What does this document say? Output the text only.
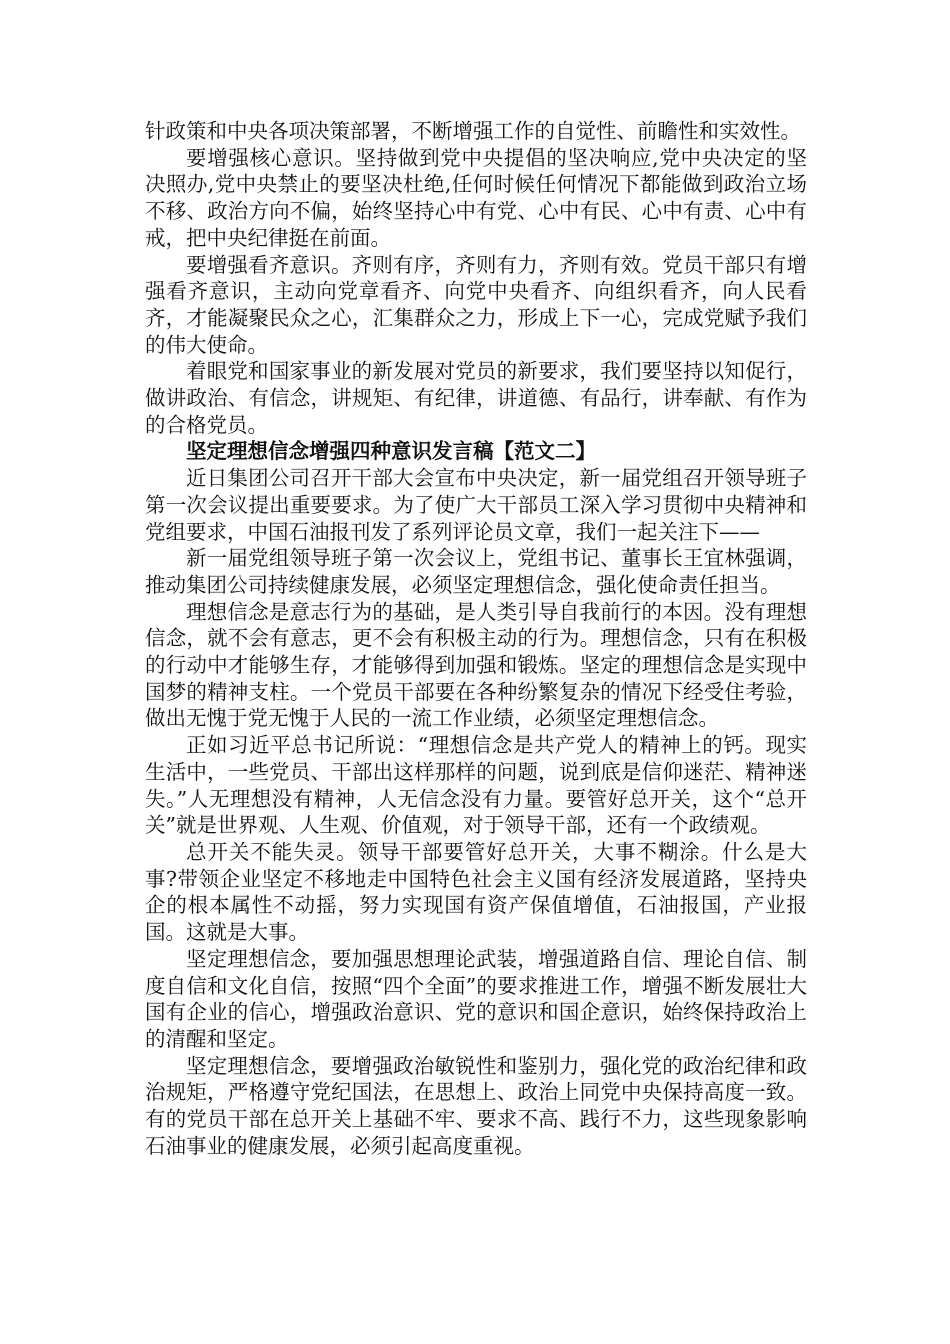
针政策和中央各项决策部署，不断增强工作的自觉性、前瞻性和实效性。

要增强核心意识。坚持做到党中央提倡的坚决响应,党中央决定的坚决照办,党中央禁止的要坚决杜绝,任何时候任何情况下都能做到政治立场不移、政治方向不偏，始终坚持心中有党、心中有民、心中有责、心中有戒，把中央纪律挺在前面。

要增强看齐意识。齐则有序，齐则有力，齐则有效。党员干部只有增强看齐意识，主动向党章看齐、向党中央看齐、向组织看齐，向人民看齐，才能凝聚民众之心，汇集群众之力，形成上下一心，完成党赋予我们的伟大使命。

着眼党和国家事业的新发展对党员的新要求，我们要坚持以知促行，做讲政治、有信念，讲规矩、有纪律，讲道德、有品行，讲奉献、有作为的合格党员。

坚定理想信念增强四种意识发言稿【范文二】

近日集团公司召开干部大会宣布中央决定，新一届党组召开领导班子第一次会议提出重要要求。为了使广大干部员工深入学习贯彻中央精神和党组要求，中国石油报刊发了系列评论员文章，我们一起关注下——

新一届党组领导班子第一次会议上，党组书记、董事长王宜林强调，推动集团公司持续健康发展，必须坚定理想信念，强化使命责任担当。

理想信念是意志行为的基础，是人类引导自我前行的本因。没有理想信念，就不会有意志，更不会有积极主动的行为。理想信念，只有在积极的行动中才能够生存，才能够得到加强和锻炼。坚定的理想信念是实现中国梦的精神支柱。一个党员干部要在各种纷繁复杂的情况下经受住考验，做出无愧于党无愧于人民的一流工作业绩，必须坚定理想信念。

正如习近平总书记所说：“理想信念是共产党人的精神上的钙。现实生活中，一些党员、干部出这样那样的问题，说到底是信仰迷茫、精神迷失。”人无理想没有精神，人无信念没有力量。要管好总开关，这个“总开关”就是世界观、人生观、价值观，对于领导干部，还有一个政绩观。

总开关不能失灵。领导干部要管好总开关，大事不糊涂。什么是大事?带领企业坚定不移地走中国特色社会主义国有经济发展道路，坚持央企的根本属性不动摇，努力实现国有资产保值增值，石油报国，产业报国。这就是大事。

坚定理想信念，要加强思想理论武装，增强道路自信、理论自信、制度自信和文化自信，按照“四个全面”的要求推进工作，增强不断发展壮大国有企业的信心，增强政治意识、党的意识和国企意识，始终保持政治上的清醒和坚定。

坚定理想信念，要增强政治敏锐性和鉴别力，强化党的政治纪律和政治规矩，严格遵守党纪国法，在思想上、政治上同党中央保持高度一致。有的党员干部在总开关上基础不牢、要求不高、践行不力，这些现象影响石油事业的健康发展，必须引起高度重视。
